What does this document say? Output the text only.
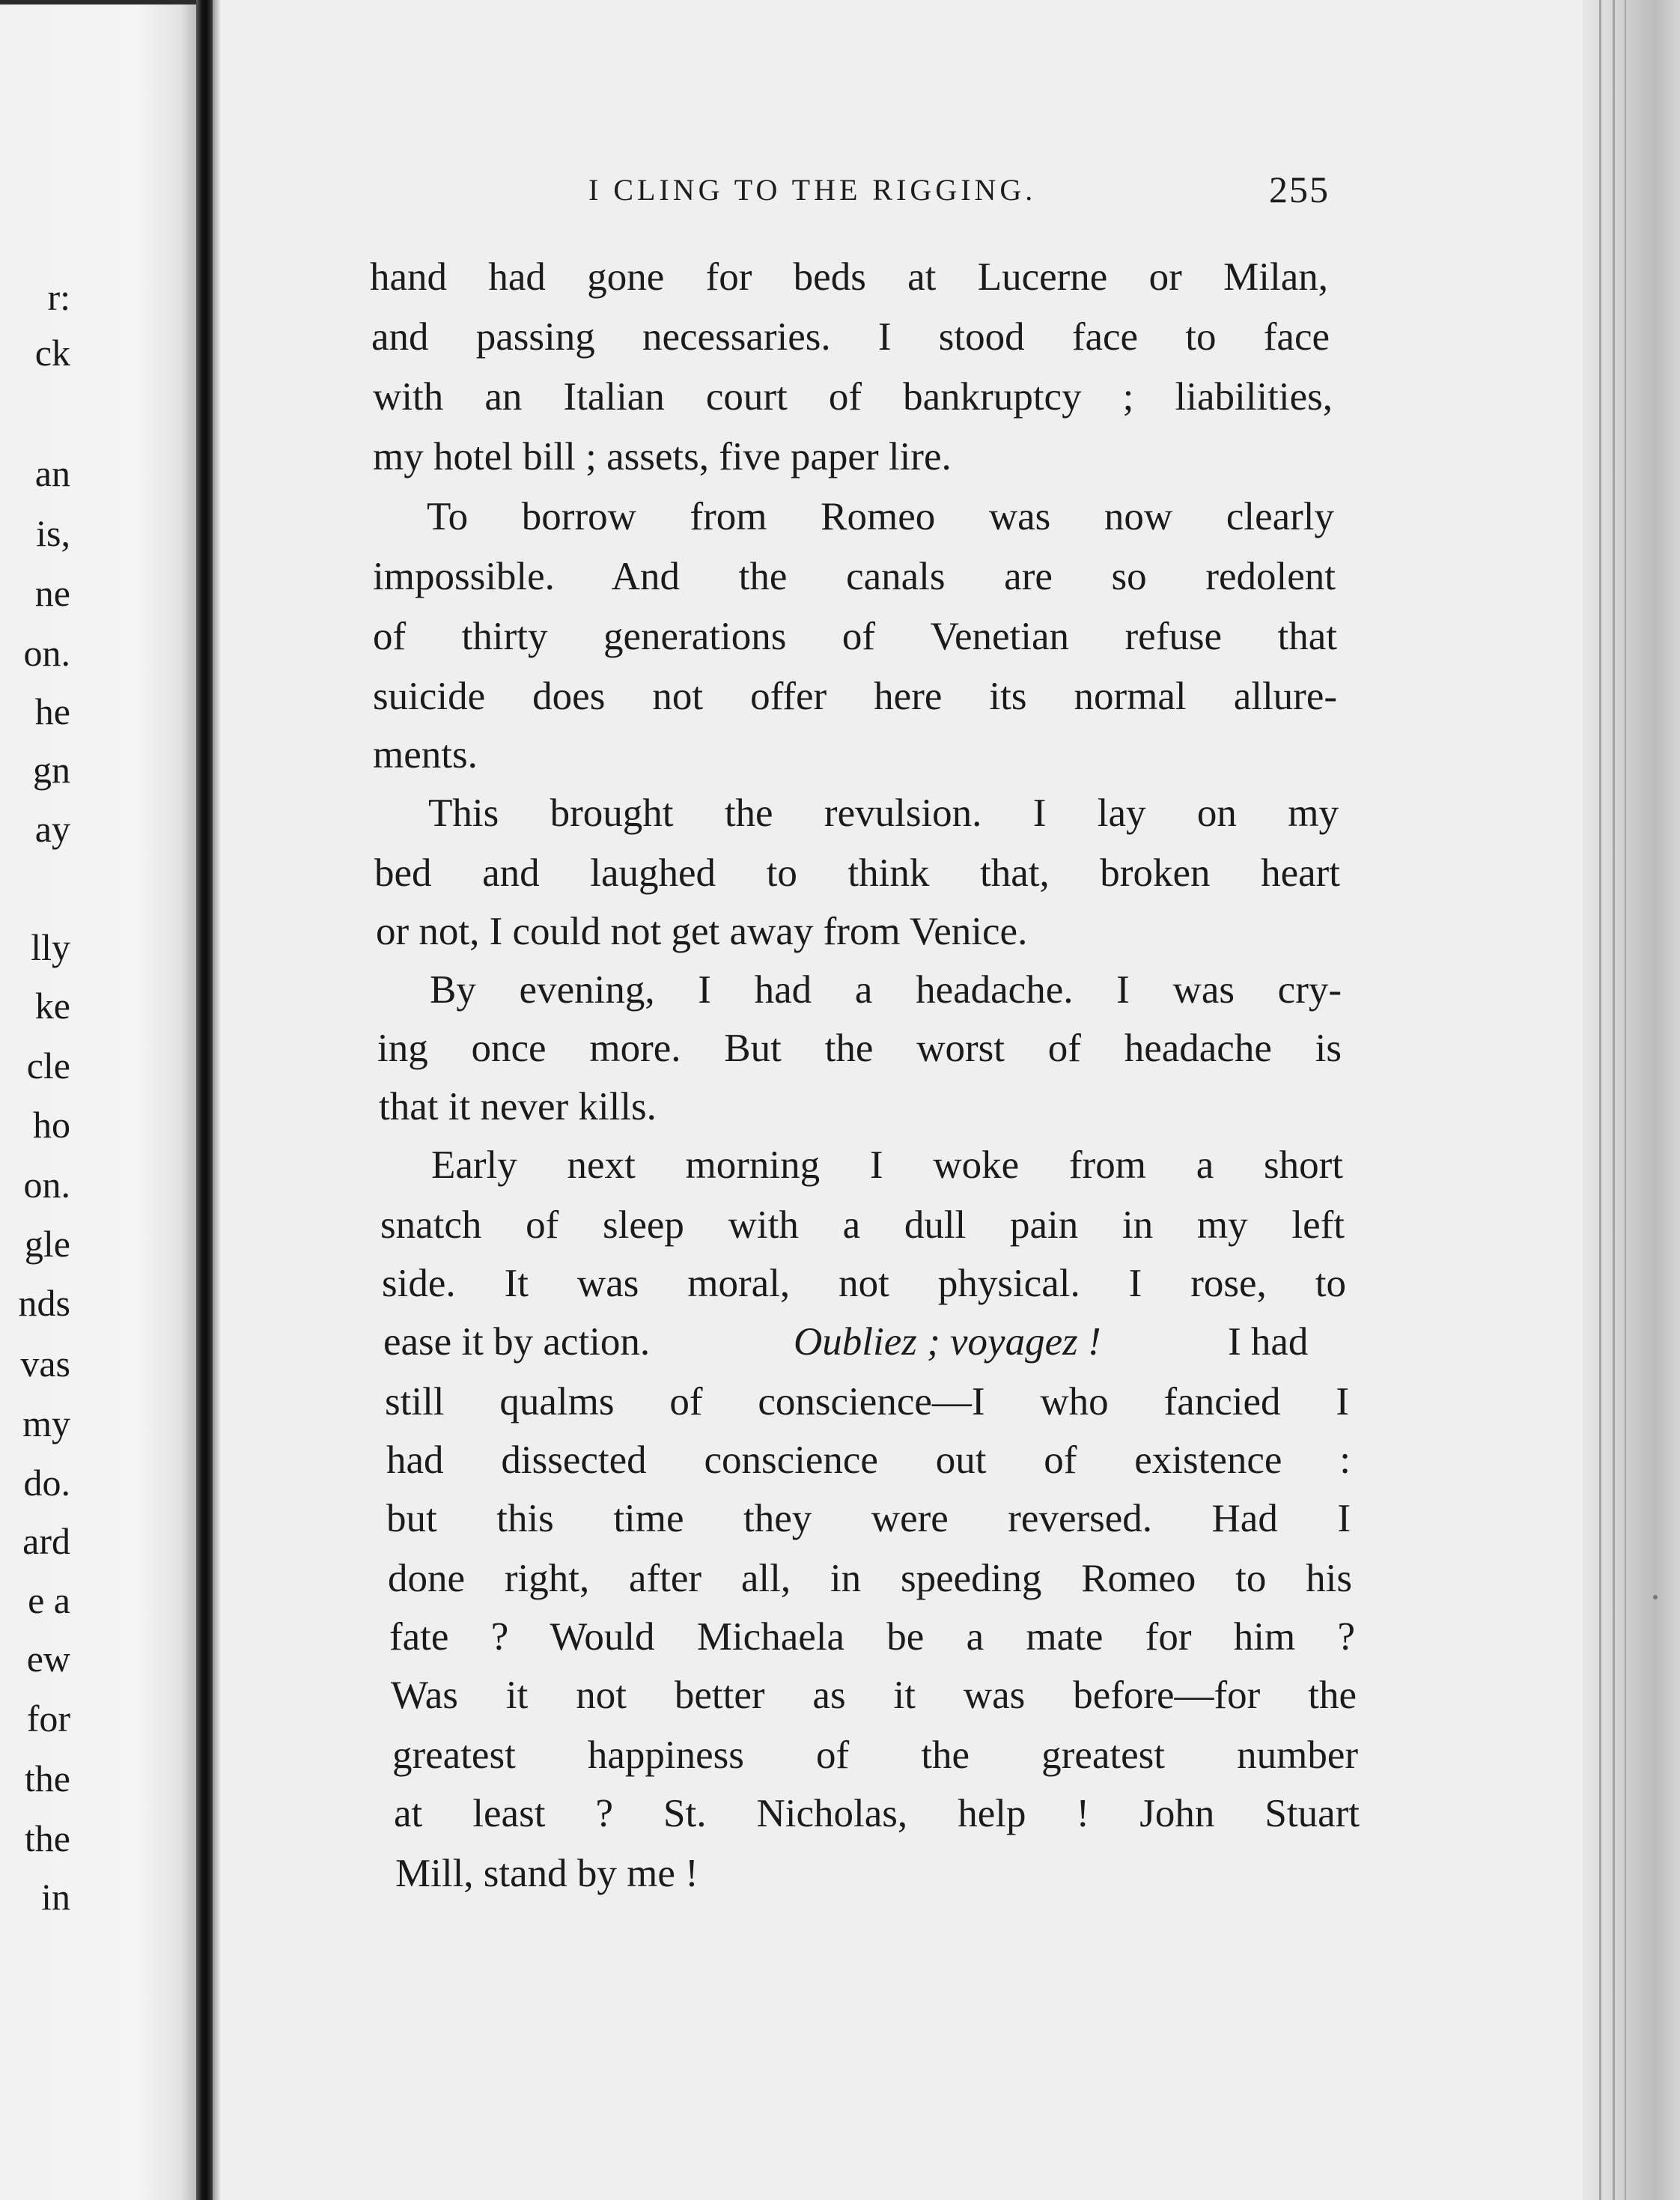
r:
ck
an
is,
ne
on.
he
gn
ay
lly
ke
cle
ho
on.
gle
nds
vas
my
do.
ard
e a
ew
for
the
the
in
I CLING TO THE RIGGING.	255
hand had gone for beds at Lucerne or Milan,
and passing necessaries. I stood face to face
with an Italian court of bankruptcy ; liabilities,
my hotel bill ; assets, five paper lire.
To borrow from Romeo was now clearly
impossible. And the canals are so redolent
of thirty generations of Venetian refuse that
suicide does not offer here its normal allure-
ments.
This brought the revulsion. I lay on my
bed and laughed to think that, broken heart
or not, I could not get away from Venice.
By evening, I had a headache. I was cry-
ing once more. But the worst of headache is
that it never kills.
Early next morning I woke from a short
snatch of sleep with a dull pain in my left
side. It was moral, not physical. I rose, to
ease it by action.	Oubliez ; voyagez !	I had
still qualms of conscience—I who fancied I
had dissected conscience out of existence :
but this time they were reversed. Had I
done right, after all, in speeding Romeo to his
fate ? Would Michaela be a mate for him ?
Was it not better as it was before—for the
greatest happiness of the greatest number
at least ? St. Nicholas, help ! John Stuart
Mill, stand by me !
